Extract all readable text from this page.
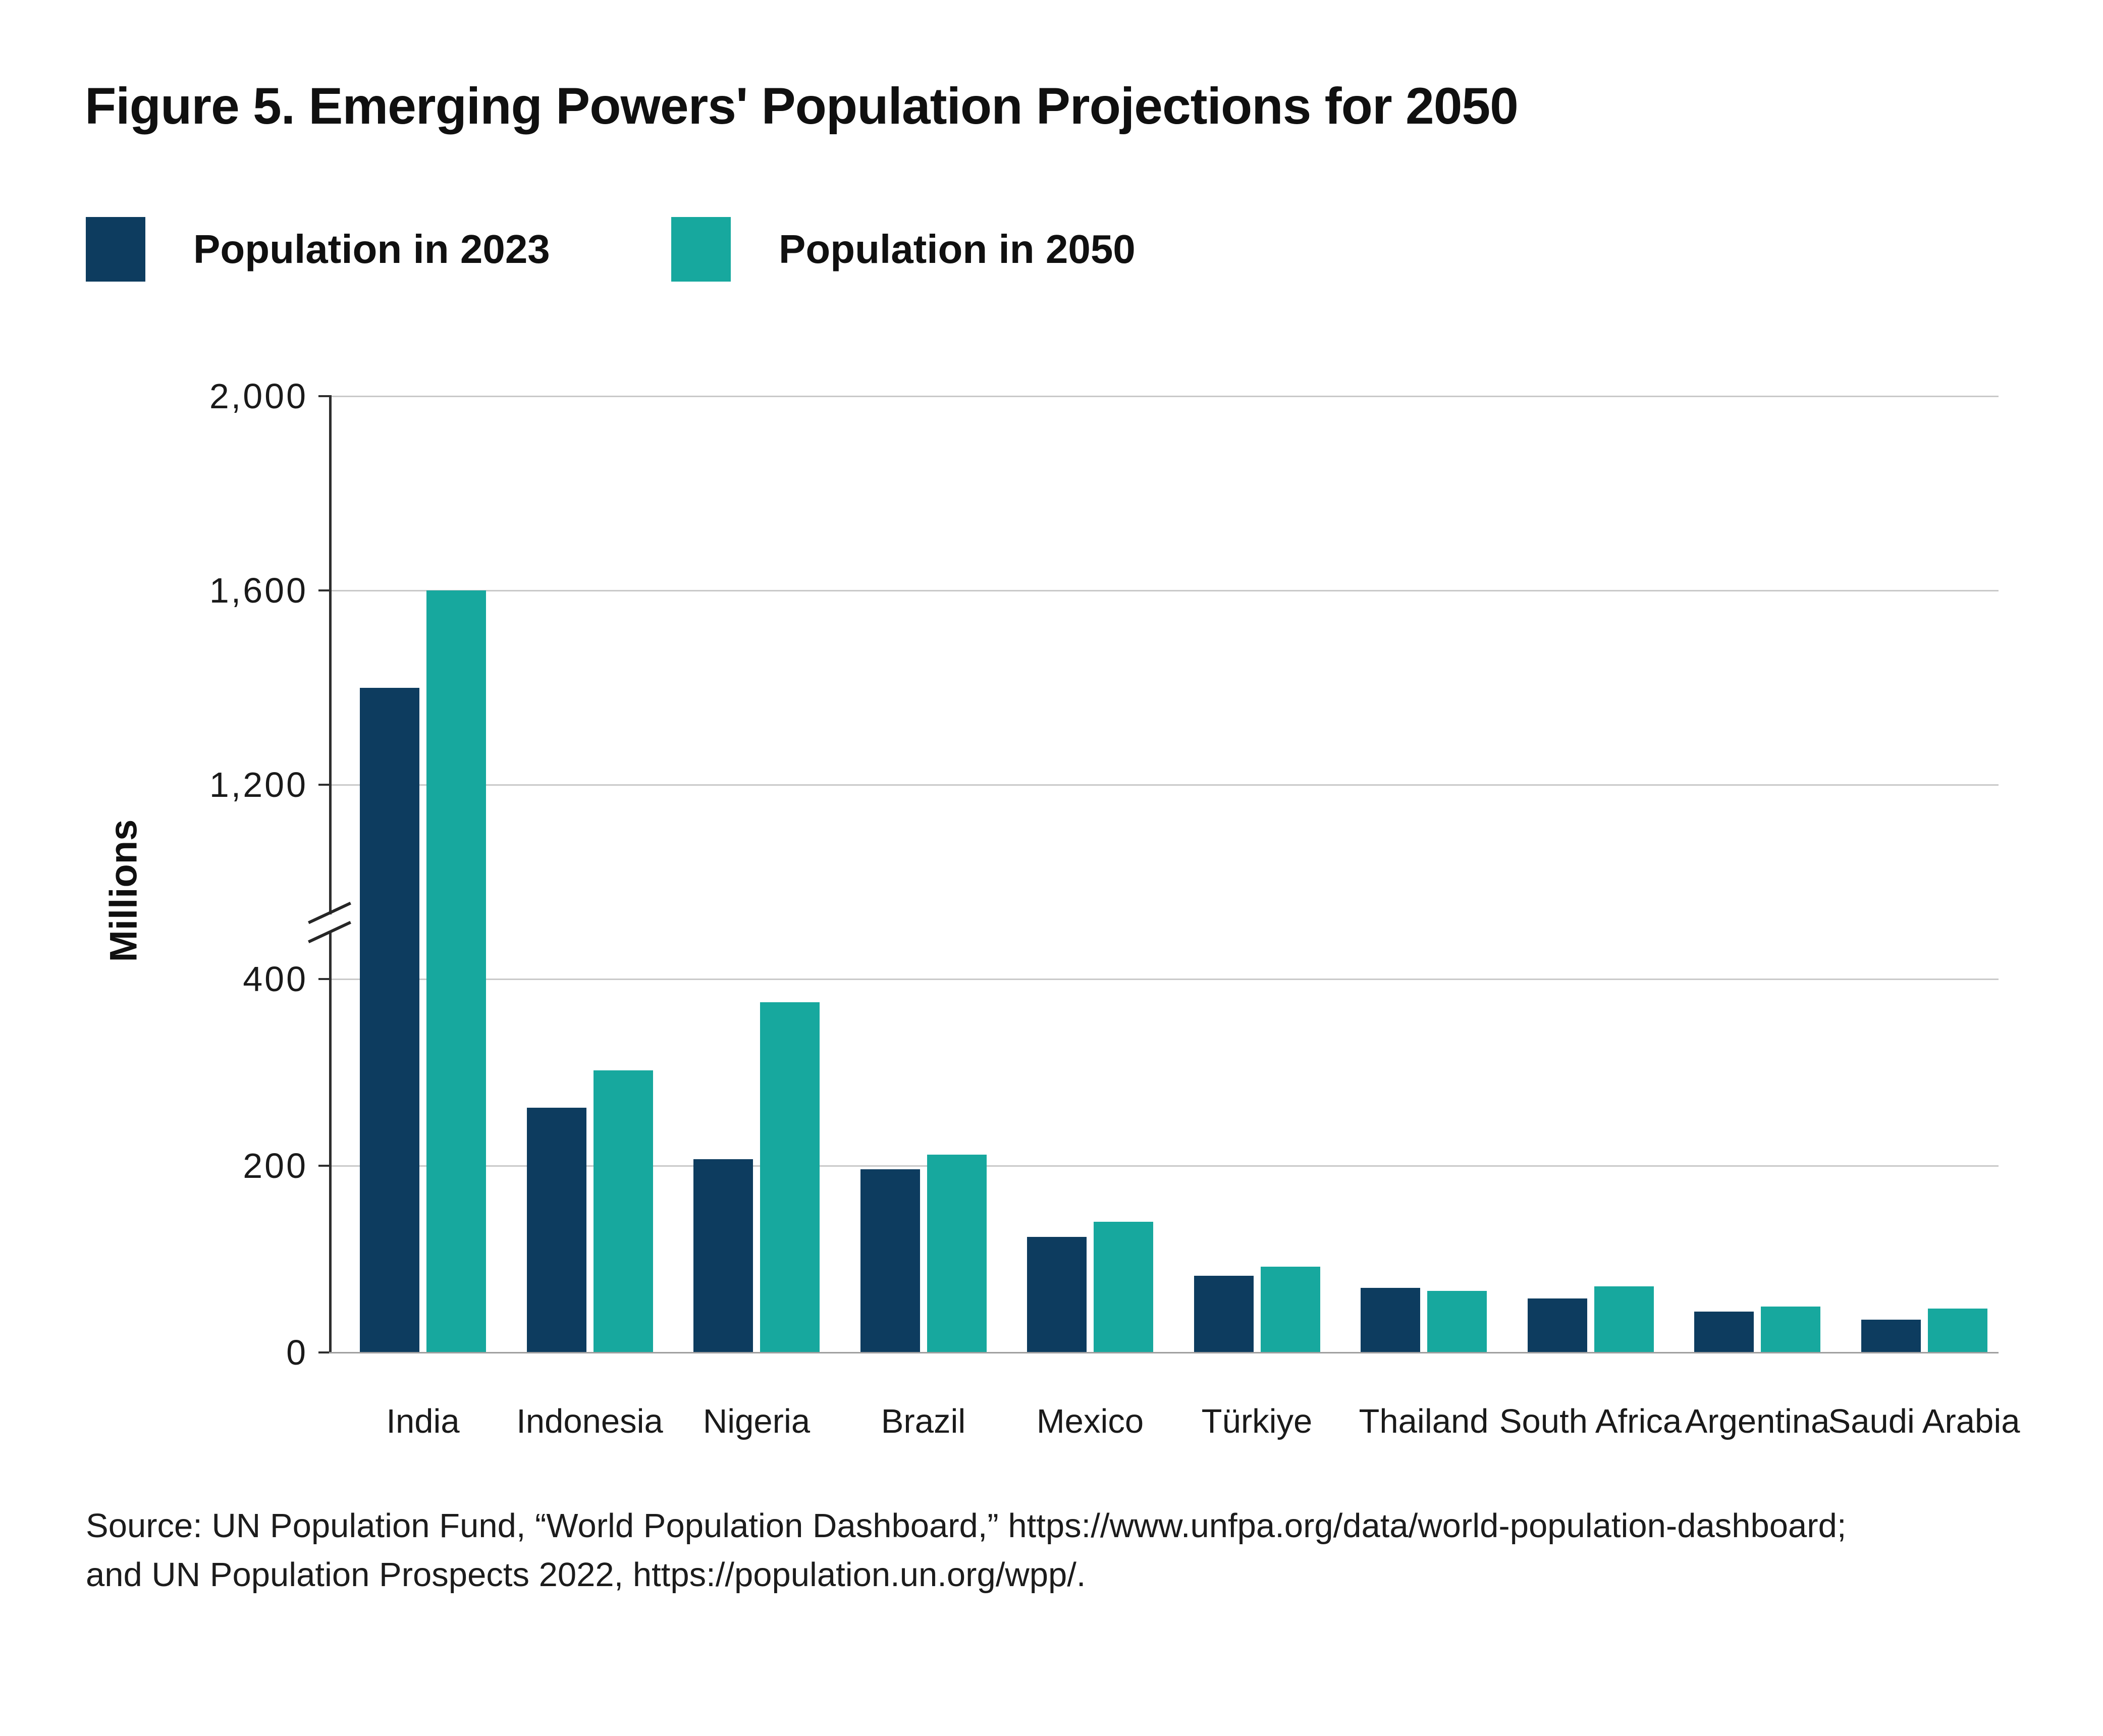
Figure 5. Emerging Powers' Population Projections for 2050
Population in 2023	Population in 2050
Millions
0
200
400
1,200
1,600
2,000
India	Indonesia	Nigeria	Brazil	Mexico	Türkiye	Thailand South Africa Argentina
Saudi Arabia
Source: UN Population Fund, “World Population Dashboard,” https://www.unfpa.org/data/world-population-dashboard;
and UN Population Prospects 2022, https://population.un.org/wpp/.
